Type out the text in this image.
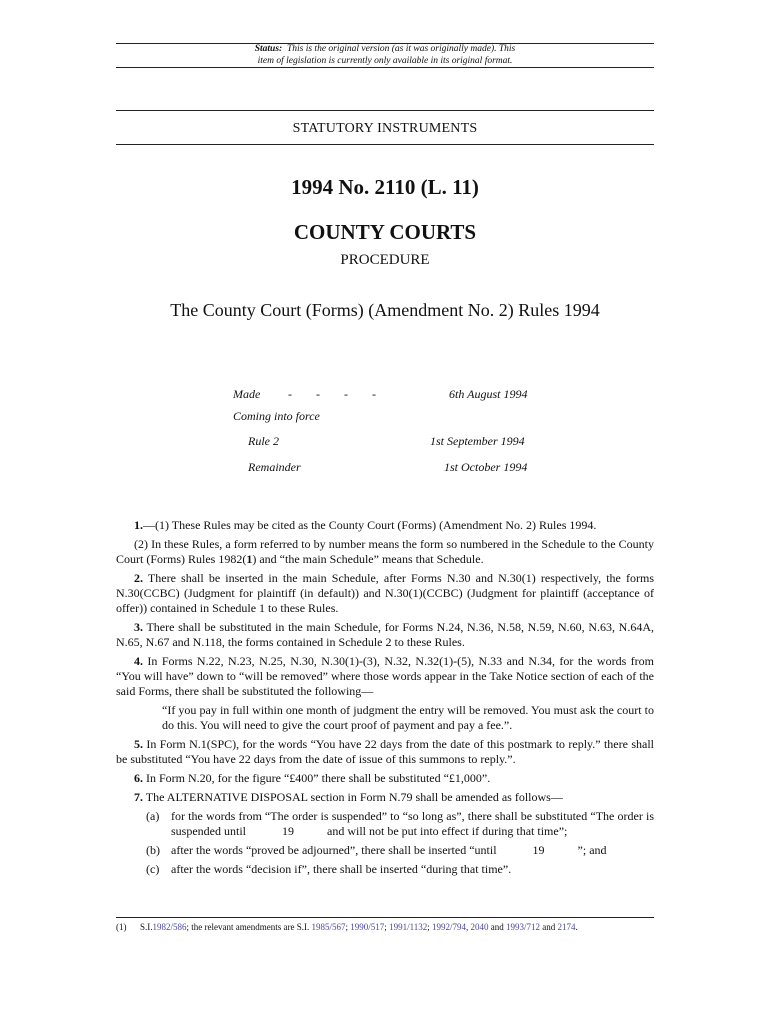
Status: This is the original version (as it was originally made). This
item of legislation is currently only available in its original format.
STATUTORY INSTRUMENTS
1994 No. 2110 (L. 11)
COUNTY COURTS
PROCEDURE
The County Court (Forms) (Amendment No. 2) Rules 1994
Made -        -        -        -	6th August 1994
Coming into force
Rule 2	1st September 1994
Remainder	1st October 1994

1.—(1) These Rules may be cited as the County Court (Forms) (Amendment No. 2) Rules 1994.

(2) In these Rules, a form referred to by number means the form so numbered in the Schedule to the County Court (Forms) Rules 1982(1) and “the main Schedule” means that Schedule.

2. There shall be inserted in the main Schedule, after Forms N.30 and N.30(1) respectively, the forms N.30(CCBC) (Judgment for plaintiff (in default)) and N.30(1)(CCBC) (Judgment for plaintiff (acceptance of offer)) contained in Schedule 1 to these Rules.

3. There shall be substituted in the main Schedule, for Forms N.24, N.36, N.58, N.59, N.60, N.63, N.64A, N.65, N.67 and N.118, the forms contained in Schedule 2 to these Rules.

4. In Forms N.22, N.23, N.25, N.30, N.30(1)-(3), N.32, N.32(1)-(5), N.33 and N.34, for the words from “You will have” down to “will be removed” where those words appear in the Take Notice section of each of the said Forms, there shall be substituted the following—

“If you pay in full within one month of judgment the entry will be removed. You must ask the court to do this. You will need to give the court proof of payment and pay a fee.”.

5. In Form N.1(SPC), for the words “You have 22 days from the date of this postmark to reply.” there shall be substituted “You have 22 days from the date of issue of this summons to reply.”.

6. In Form N.20, for the figure “£400” there shall be substituted “£1,000”.

7. The ALTERNATIVE DISPOSAL section in Form N.79 shall be amended as follows—

(a) for the words from “The order is suspended” to “so long as”, there shall be substituted “The order is suspended until            19           and will not be put into effect if during that time”;

(b) after the words “proved be adjourned”, there shall be inserted “until            19           ”; and

(c) after the words “decision if”, there shall be inserted “during that time”.

(1) S.I.1982/586; the relevant amendments are S.I. 1985/567; 1990/517; 1991/1132; 1992/794, 2040 and 1993/712 and 2174.
